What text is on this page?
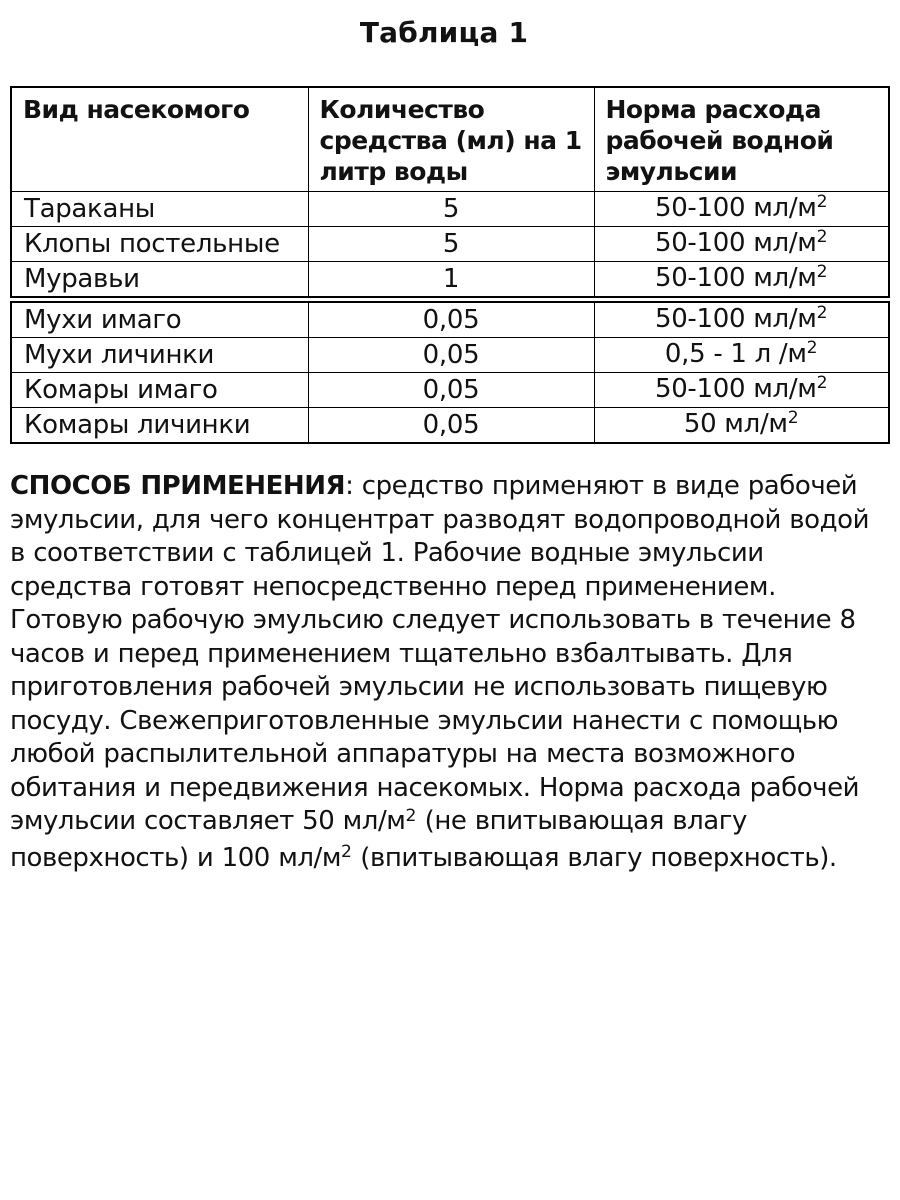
Таблица 1
Вид насекомого	Количество средства (мл) на 1 литр воды	Норма расхода рабочей водной эмульсии
Тараканы	5	50-100 $мл/м^2$
Клопы постельные	5	50-100 $мл/м^2$
Муравьи	1	50-100 $мл/м^2$
Мухи имаго	0,05	50-100 $мл/м^2$
Мухи личинки	0,05	0,5 - 1 л $/м^2$
Комары имаго	0,05	50-100 $мл/м^2$
Комары личинки	0,05	50 $мл/м^2$

СПОСОБ ПРИМЕНЕНИЯ: средство применяют в виде рабочей эмульсии, для чего концентрат разводят водопроводной водой в соответствии с таблицей 1. Рабочие водные эмульсии средства готовят непосредственно перед применением. Готовую рабочую эмульсию следует использовать в течение 8 часов и перед применением тщательно взбалтывать. Для приготовления рабочей эмульсии не использовать пищевую посуду. Свежеприготовленные эмульсии нанести с помощью любой распылительной аппаратуры на места возможного обитания и передвижения насекомых. Норма расхода рабочей эмульсии составляет 50 $мл/м^2$ (не впитывающая влагу поверхность) и 100 $мл/м^2$ (впитывающая влагу поверхность).
